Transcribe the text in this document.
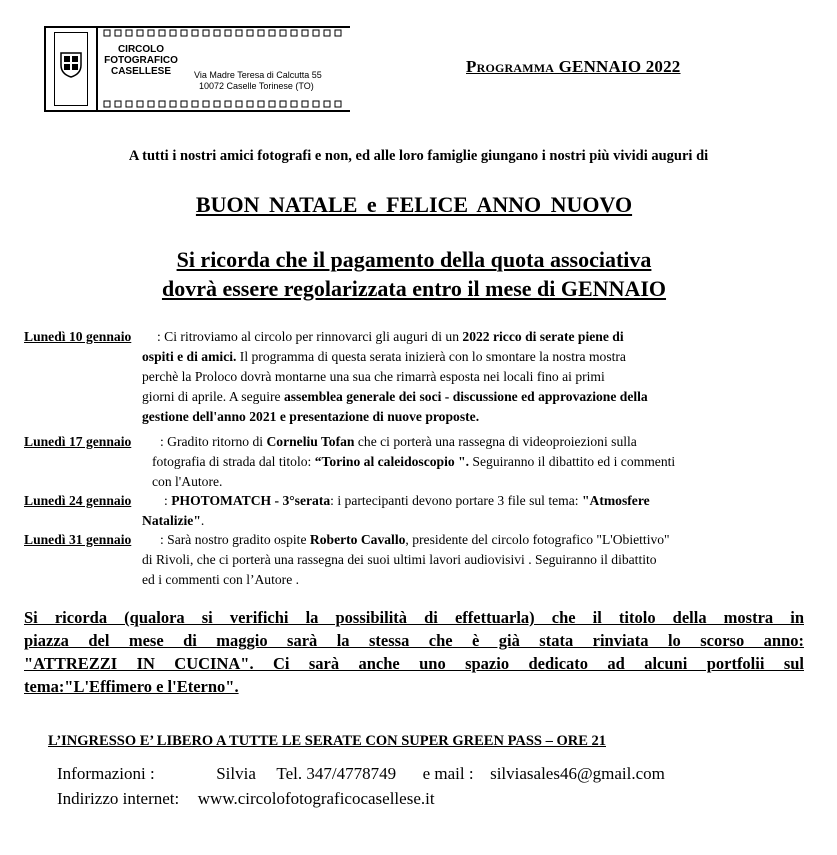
CIRCOLO
FOTOGRAFICO
CASELLESE	Via Madre Teresa di Calcutta 55
10072 Caselle Torinese (TO)
Programma GENNAIO 2022
A tutti i nostri amici fotografi e non, ed alle loro famiglie giungano i nostri più vividi auguri di
BUON NATALE e FELICE ANNO NUOVO
Si ricorda che il pagamento della quota associativa
dovrà essere regolarizzata entro il mese di GENNAIO
Lunedì 10 gennaio	: Ci ritroviamo al circolo per rinnovarci gli auguri di un 2022 ricco di serate piene di
ospiti e di amici. Il programma di questa serata inizierà con lo smontare la nostra mostra
perchè la Proloco dovrà montarne una sua che rimarrà esposta nei locali fino ai primi
giorni di aprile. A seguire assemblea generale dei soci - discussione ed approvazione della
gestione dell'anno 2021 e presentazione di nuove proposte.
Lunedì 17 gennaio	: Gradito ritorno di Corneliu Tofan che ci porterà una rassegna di videoproiezioni sulla
fotografia di strada dal titolo: “Torino al caleidoscopio ". Seguiranno il dibattito ed i commenti
con l'Autore.
Lunedì 24 gennaio	: PHOTOMATCH - 3°serata: i partecipanti devono portare 3 file sul tema: "Atmosfere
Natalizie".
Lunedì 31 gennaio	: Sarà nostro gradito ospite Roberto Cavallo, presidente del circolo fotografico "L'Obiettivo"
di Rivoli, che ci porterà una rassegna dei suoi ultimi lavori audiovisivi . Seguiranno il dibattito
ed i commenti con l’Autore .
Si ricorda (qualora si verifichi la possibilità di effettuarla) che il titolo della mostra in
piazza del mese di maggio sarà la stessa che è già stata rinviata lo scorso anno:
"ATTREZZI IN CUCINA". Ci sarà anche uno spazio dedicato ad alcuni portfolii sul
tema:"L'Effimero e l'Eterno".
L’INGRESSO E’ LIBERO A TUTTE LE SERATE CON SUPER GREEN PASS – ORE 21
Informazioni :	Silvia Tel. 347/4778749 e mail : silviasales46@gmail.com
Indirizzo internet: www.circolofotograficocasellese.it
